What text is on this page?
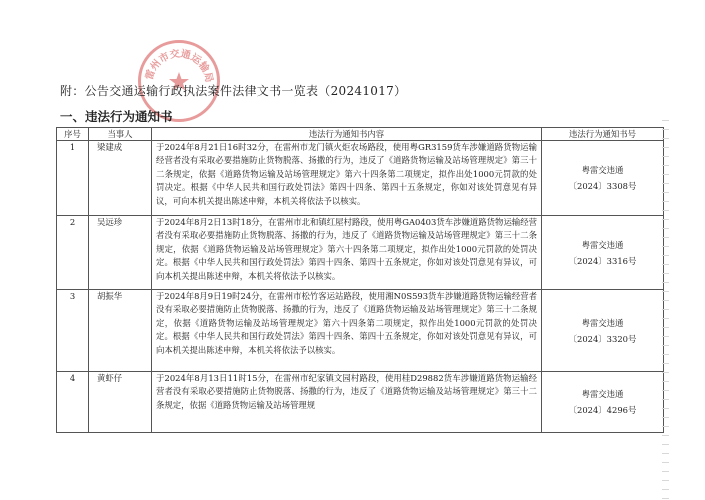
雷州市交通运输局
附：公告交通运输行政执法案件法律文书一览表（20241017）
一、违法行为通知书
序号	当事人	违法行为通知书内容	违法行为通知书号
1	梁建成	于2024年8月21日16时32分，在雷州市龙门镇火炬农场路段，使用粤GR3159货车涉嫌道路货物运输经营者没有采取必要措施防止货物脱落、扬撒的行为，违反了《道路货物运输及站场管理规定》第三十二条规定，依据《道路货物运输及站场管理规定》第六十四条第二项规定，拟作出处1000元罚款的处罚决定。根据《中华人民共和国行政处罚法》第四十四条、第四十五条规定，你如对该处罚意见有异议，可向本机关提出陈述申辩，本机关将依法予以核实。	粤雷交违通
〔2024〕3308号

2	吴远珍	于2024年8月2日13时18分，在雷州市北和镇红屋村路段，使用粤GA0403货车涉嫌道路货物运输经营者没有采取必要措施防止货物脱落、扬撒的行为，违反了《道路货物运输及站场管理规定》第三十二条规定，依据《道路货物运输及站场管理规定》第六十四条第二项规定，拟作出处1000元罚款的处罚决定。根据《中华人民共和国行政处罚法》第四十四条、第四十五条规定，你如对该处罚意见有异议，可向本机关提出陈述申辩，本机关将依法予以核实。	粤雷交违通
〔2024〕3316号

3	胡振华	于2024年8月9日19时24分，在雷州市松竹客运站路段，使用湘N0S593货车涉嫌道路货物运输经营者没有采取必要措施防止货物脱落、扬撒的行为，违反了《道路货物运输及站场管理规定》第三十二条规定，依据《道路货物运输及站场管理规定》第六十四条第二项规定，拟作出处1000元罚款的处罚决定。根据《中华人民共和国行政处罚法》第四十四条、第四十五条规定，你如对该处罚意见有异议，可向本机关提出陈述申辩，本机关将依法予以核实。	粤雷交违通
〔2024〕3320号

4	黄虾仔	于2024年8月13日11时15分，在雷州市纪家镇文园村路段，使用桂D29882货车涉嫌道路货物运输经营者没有采取必要措施防止货物脱落、扬撒的行为，违反了《道路货物运输及站场管理规定》第三十二条规定，依据《道路货物运输及站场管理规	粤雷交违通
〔2024〕4296号
